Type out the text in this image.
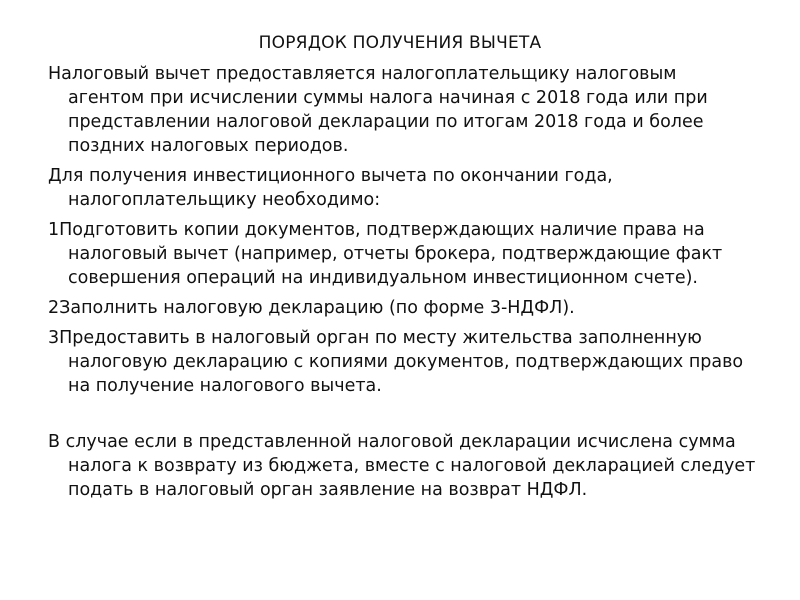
ПОРЯДОК ПОЛУЧЕНИЯ ВЫЧЕТА

Налоговый вычет предоставляется налогоплательщику налоговым агентом при исчислении суммы налога начиная с 2018 года или при представлении налоговой декларации по итогам 2018 года и более поздних налоговых периодов.

Для получения инвестиционного вычета по окончании года, налогоплательщику необходимо:

1Подготовить копии документов, подтверждающих наличие права на налоговый вычет (например, отчеты брокера, подтверждающие факт совершения операций на индивидуальном инвестиционном счете).

2Заполнить налоговую декларацию (по форме 3-НДФЛ).

3Предоставить в налоговый орган по месту жительства заполненную налоговую декларацию с копиями документов, подтверждающих право на получение налогового вычета.

В случае если в представленной налоговой декларации исчислена сумма налога к возврату из бюджета, вместе с налоговой декларацией следует подать в налоговый орган заявление на возврат НДФЛ.
